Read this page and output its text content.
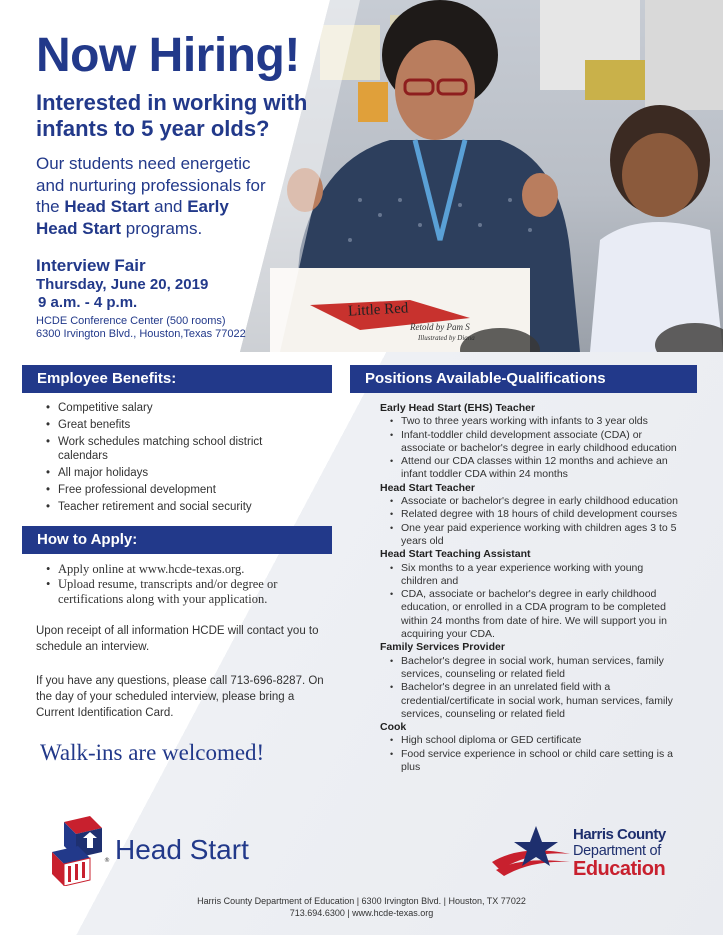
Little Red
Retold by Pam S
Illustrated by Diana
Now Hiring!
Interested in working with infants to 5 year olds?
Our students need energetic and nurturing professionals for the Head Start and Early Head Start programs.
Interview Fair
Thursday, June 20, 2019
9 a.m. - 4 p.m.
HCDE Conference Center (500 rooms)
6300 Irvington Blvd., Houston,Texas 77022
Employee Benefits:
• Competitive salary
• Great benefits
• Work schedules matching school district calendars
• All major holidays
• Free professional development
• Teacher retirement and social security
How to Apply:
• Apply online at www.hcde-texas.org.
• Upload resume, transcripts and/or degree or certifications along with your application.
Upon receipt of all information HCDE will contact you to schedule an interview.
If you have any questions, please call 713-696-8287. On the day of your scheduled interview, please bring a Current Identification Card.
Walk-ins are welcomed!
Positions Available-Qualifications
Early Head Start (EHS) Teacher
• Two to three years working with infants to 3 year olds
• Infant-toddler child development associate (CDA) or associate or bachelor's degree in early childhood education
• Attend our CDA classes within 12 months and achieve an infant toddler CDA within 24 months
Head Start Teacher
• Associate or bachelor's degree in early childhood education
• Related degree with 18 hours of child development courses
• One year paid experience working with children ages 3 to 5 years old
Head Start Teaching Assistant
• Six months to a year experience working with young children and
• CDA, associate or bachelor's degree in early childhood education, or enrolled in a CDA program to be completed within 24 months from date of hire. We will support you in acquiring your CDA.
Family Services Provider
• Bachelor's degree in social work, human services, family services, counseling or related field
• Bachelor's degree in an unrelated field with a credential/certificate in social work, human services, family services, counseling or related field
Cook
• High school diploma or GED certificate
• Food service experience in school or child care setting is a plus
® Head Start	Harris County
Department of
Education
Harris County Department of Education | 6300 Irvington Blvd. | Houston, TX 77022
713.694.6300 | www.hcde-texas.org
